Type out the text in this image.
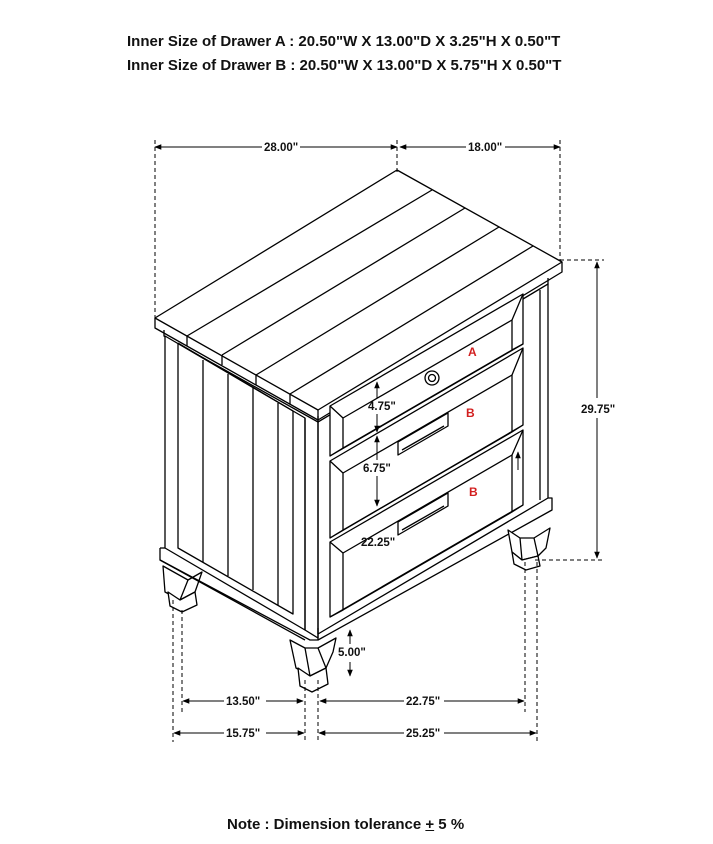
Inner Size of Drawer A : 20.50"W X 13.00"D X 3.25"H X 0.50"T
Inner Size of Drawer B : 20.50"W X 13.00"D X 5.75"H X 0.50"T
28.00"	18.00"
29.75"
4.75"
6.75"
22.25"
5.00"
13.50"	22.75"
15.75"	25.25"
A
B
B
Note : Dimension tolerance + 5 %
